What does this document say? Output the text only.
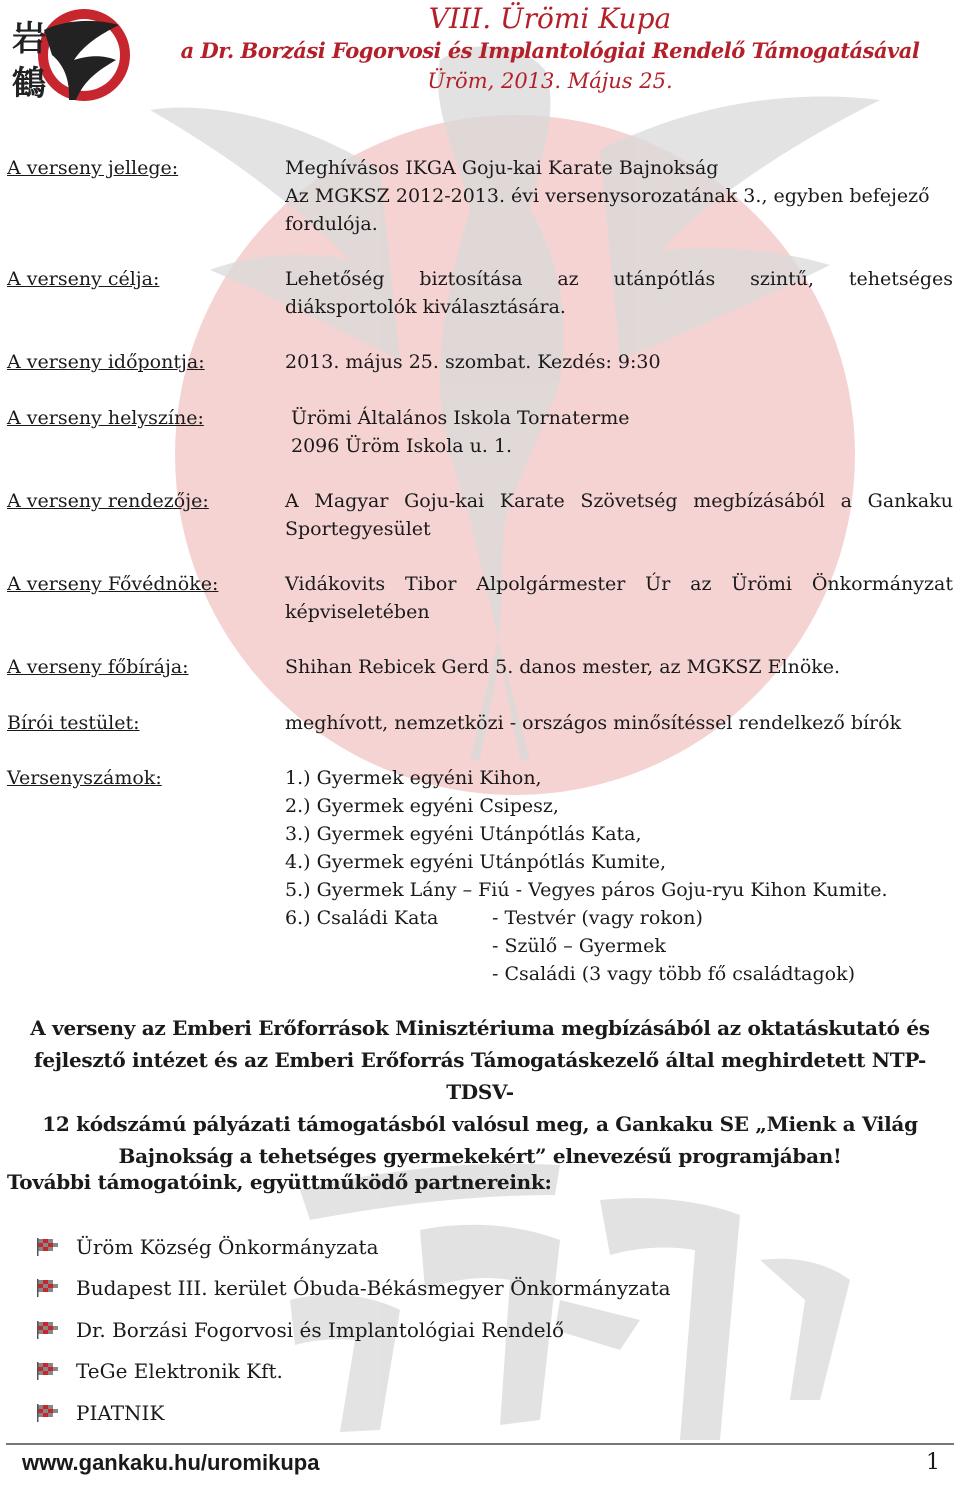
岩
鶴
VIII. Ürömi Kupa
a Dr. Borzási Fogorvosi és Implantológiai Rendelő Támogatásával
Üröm, 2013. Május 25.
A verseny jellege:	Meghívásos IKGA Goju-kai Karate Bajnokság
Az MGKSZ 2012-2013. évi versenysorozatának 3., egyben befejező
fordulója.
A verseny célja:	Lehetőség biztosítása az utánpótlás szintű, tehetséges
diáksportolók kiválasztására.
A verseny időpontja:	2013. május 25. szombat. Kezdés: 9:30
A verseny helyszíne:	Ürömi Általános Iskola Tornaterme
2096 Üröm Iskola u. 1.
A verseny rendezője:	A Magyar Goju-kai Karate Szövetség megbízásából a Gankaku
Sportegyesület
A verseny Fővédnöke:	Vidákovits Tibor Alpolgármester Úr az Ürömi Önkormányzat
képviseletében
A verseny főbírája:	Shihan Rebicek Gerd 5. danos mester, az MGKSZ Elnöke.
Bírói testület:	meghívott, nemzetközi - országos minősítéssel rendelkező bírók
Versenyszámok:	1.) Gyermek egyéni Kihon,
2.) Gyermek egyéni Csipesz,
3.) Gyermek egyéni Utánpótlás Kata,
4.) Gyermek egyéni Utánpótlás Kumite,
5.) Gyermek Lány – Fiú - Vegyes páros Goju-ryu Kihon Kumite.
6.) Családi Kata	- Testvér (vagy rokon)
- Szülő – Gyermek
- Családi (3 vagy több fő családtagok)
A verseny az Emberi Erőforrások Minisztériuma megbízásából az oktatáskutató és
fejlesztő intézet és az Emberi Erőforrás Támogatáskezelő által meghirdetett NTP-TDSV-
12 kódszámú pályázati támogatásból valósul meg, a Gankaku SE „Mienk a Világ
Bajnokság a tehetséges gyermekekért” elnevezésű programjában!
További támogatóink, együttműködő partnereink:
Üröm Község Önkormányzata
Budapest III. kerület Óbuda-Békásmegyer Önkormányzata
Dr. Borzási Fogorvosi és Implantológiai Rendelő
TeGe Elektronik Kft.
PIATNIK
www.gankaku.hu/uromikupa	1
